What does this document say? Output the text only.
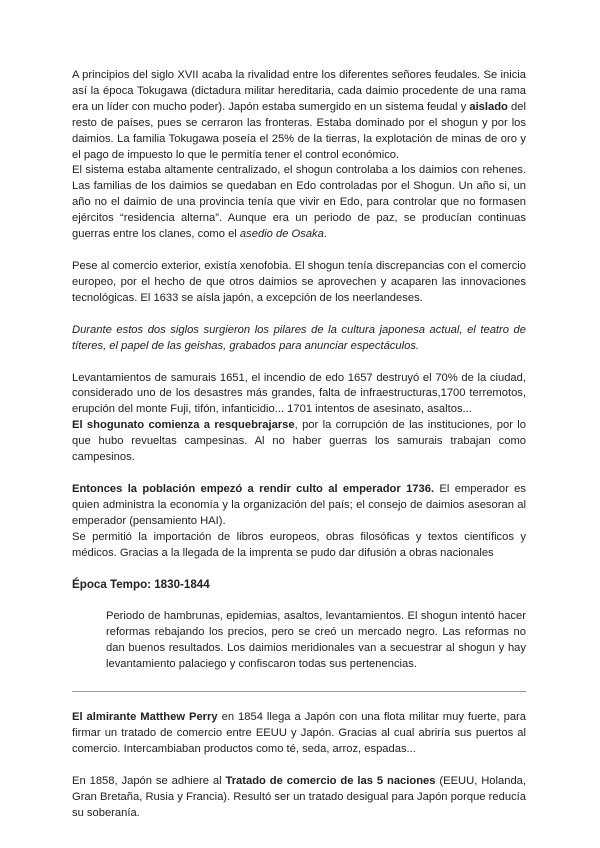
A principios del siglo XVII acaba la rivalidad entre los diferentes señores feudales. Se inicia así la época Tokugawa (dictadura militar hereditaria, cada daimio procedente de una rama era un líder con mucho poder). Japón estaba sumergido en un sistema feudal y aislado del resto de países, pues se cerraron las fronteras. Estaba dominado por el shogun y por los daimios. La familia Tokugawa poseía el 25% de la tierras, la explotación de minas de oro y el pago de impuesto lo que le permitía tener el control económico.

El sistema estaba altamente centralizado, el shogun controlaba a los daimios con rehenes. Las familias de los daimios se quedaban en Edo controladas por el Shogun. Un año si, un año no el daimio de una provincia tenía que vivir en Edo, para controlar que no formasen ejércitos “residencia alterna”. Aunque era un periodo de paz, se producían continuas guerras entre los clanes, como el asedio de Osaka.

Pese al comercio exterior, existía xenofobia. El shogun tenía discrepancias con el comercio europeo, por el hecho de que otros daimios se aprovechen y acaparen las innovaciones tecnológicas. El 1633 se aísla japón, a excepción de los neerlandeses.

Durante estos dos siglos surgieron los pilares de la cultura japonesa actual, el teatro de títeres, el papel de las geishas, grabados para anunciar espectáculos.

Levantamientos de samurais 1651, el incendio de edo 1657 destruyó el 70% de la ciudad, considerado uno de los desastres más grandes, falta de infraestructuras,1700 terremotos, erupción del monte Fuji, tifón, infanticidio... 1701 intentos de asesinato, asaltos...

El shogunato comienza a resquebrajarse, por la corrupción de las instituciones, por lo que hubo revueltas campesinas. Al no haber guerras los samurais trabajan como campesinos.

Entonces la población empezó a rendir culto al emperador 1736. El emperador es quien administra la economía y la organización del país; el consejo de daimios asesoran al emperador (pensamiento HAI).

Se permitió la importación de libros europeos, obras filosóficas y textos científicos y médicos. Gracias a la llegada de la imprenta se pudo dar difusión a obras nacionales

Época Tempo: 1830-1844

Periodo de hambrunas, epidemias, asaltos, levantamientos. El shogun intentó hacer reformas rebajando los precios, pero se creó un mercado negro. Las reformas no dan buenos resultados. Los daimios meridionales van a secuestrar al shogun y hay levantamiento palaciego y confiscaron todas sus pertenencias.

El almirante Matthew Perry en 1854 llega a Japón con una flota militar muy fuerte, para firmar un tratado de comercio entre EEUU y Japón. Gracias al cual abriría sus puertos al comercio. Intercambiaban productos como té, seda, arroz, espadas...

En 1858, Japón se adhiere al Tratado de comercio de las 5 naciones (EEUU, Holanda, Gran Bretaña, Rusia y Francia). Resultó ser un tratado desigual para Japón porque reducía su soberanía.
